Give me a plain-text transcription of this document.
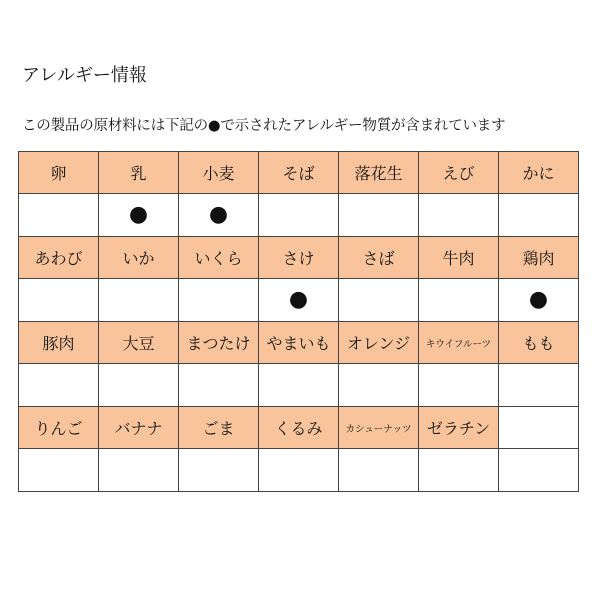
アレルギー情報
この製品の原材料には下記の●で示されたアレルギー物質が含まれています
卵	乳	小麦	そば	落花生	えび	かに
	●	●				
あわび	いか	いくら	さけ	さば	牛肉	鶏肉
			●			●
豚肉	大豆	まつたけ	やまいも	オレンジ	キウイフルーツ	もも

りんご	バナナ	ごま	くるみ	カシューナッツ	ゼラチン	
